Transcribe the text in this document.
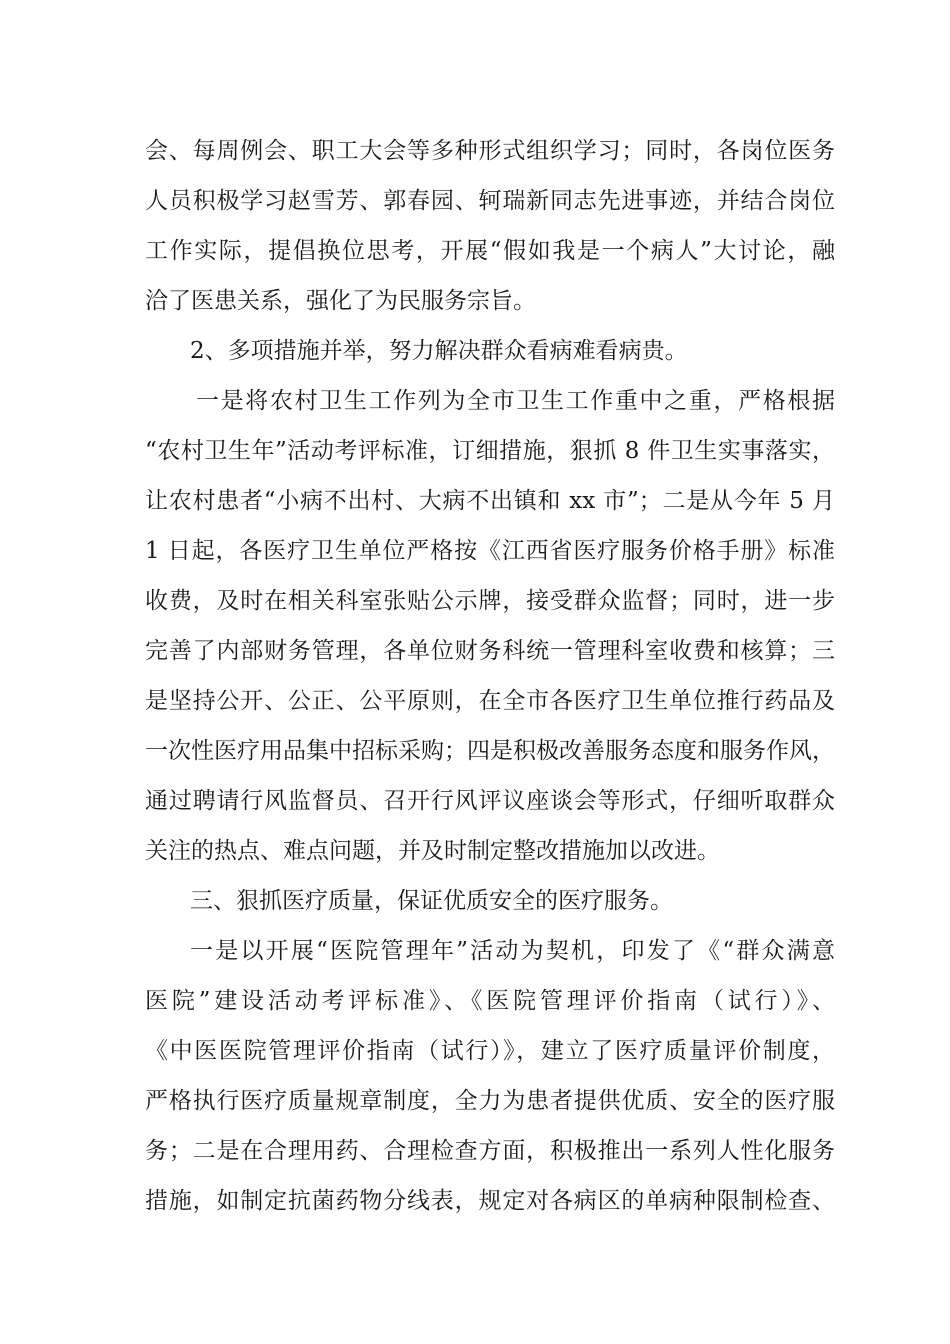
会、每周例会、职工大会等多种形式组织学习；同时，各岗位医务
人员积极学习赵雪芳、郭春园、轲瑞新同志先进事迹，并结合岗位
工作实际，提倡换位思考，开展“假如我是一个病人”大讨论，融
洽了医患关系，强化了为民服务宗旨。
2、多项措施并举，努力解决群众看病难看病贵。
一是将农村卫生工作列为全市卫生工作重中之重，严格根据
“农村卫生年”活动考评标准，订细措施，狠抓 8 件卫生实事落实，
让农村患者“小病不出村、大病不出镇和 xx 市”；二是从今年 5 月
1 日起，各医疗卫生单位严格按《江西省医疗服务价格手册》标准
收费，及时在相关科室张贴公示牌，接受群众监督；同时，进一步
完善了内部财务管理，各单位财务科统一管理科室收费和核算；三
是坚持公开、公正、公平原则，在全市各医疗卫生单位推行药品及
一次性医疗用品集中招标采购；四是积极改善服务态度和服务作风，
通过聘请行风监督员、召开行风评议座谈会等形式，仔细听取群众
关注的热点、难点问题，并及时制定整改措施加以改进。
三、狠抓医疗质量，保证优质安全的医疗服务。
一是以开展“医院管理年”活动为契机，印发了《“群众满意
医院”建设活动考评标准》、《医院管理评价指南（试行）》、
《中医医院管理评价指南（试行）》，建立了医疗质量评价制度，
严格执行医疗质量规章制度，全力为患者提供优质、安全的医疗服
务；二是在合理用药、合理检查方面，积极推出一系列人性化服务
措施，如制定抗菌药物分线表，规定对各病区的单病种限制检查、
